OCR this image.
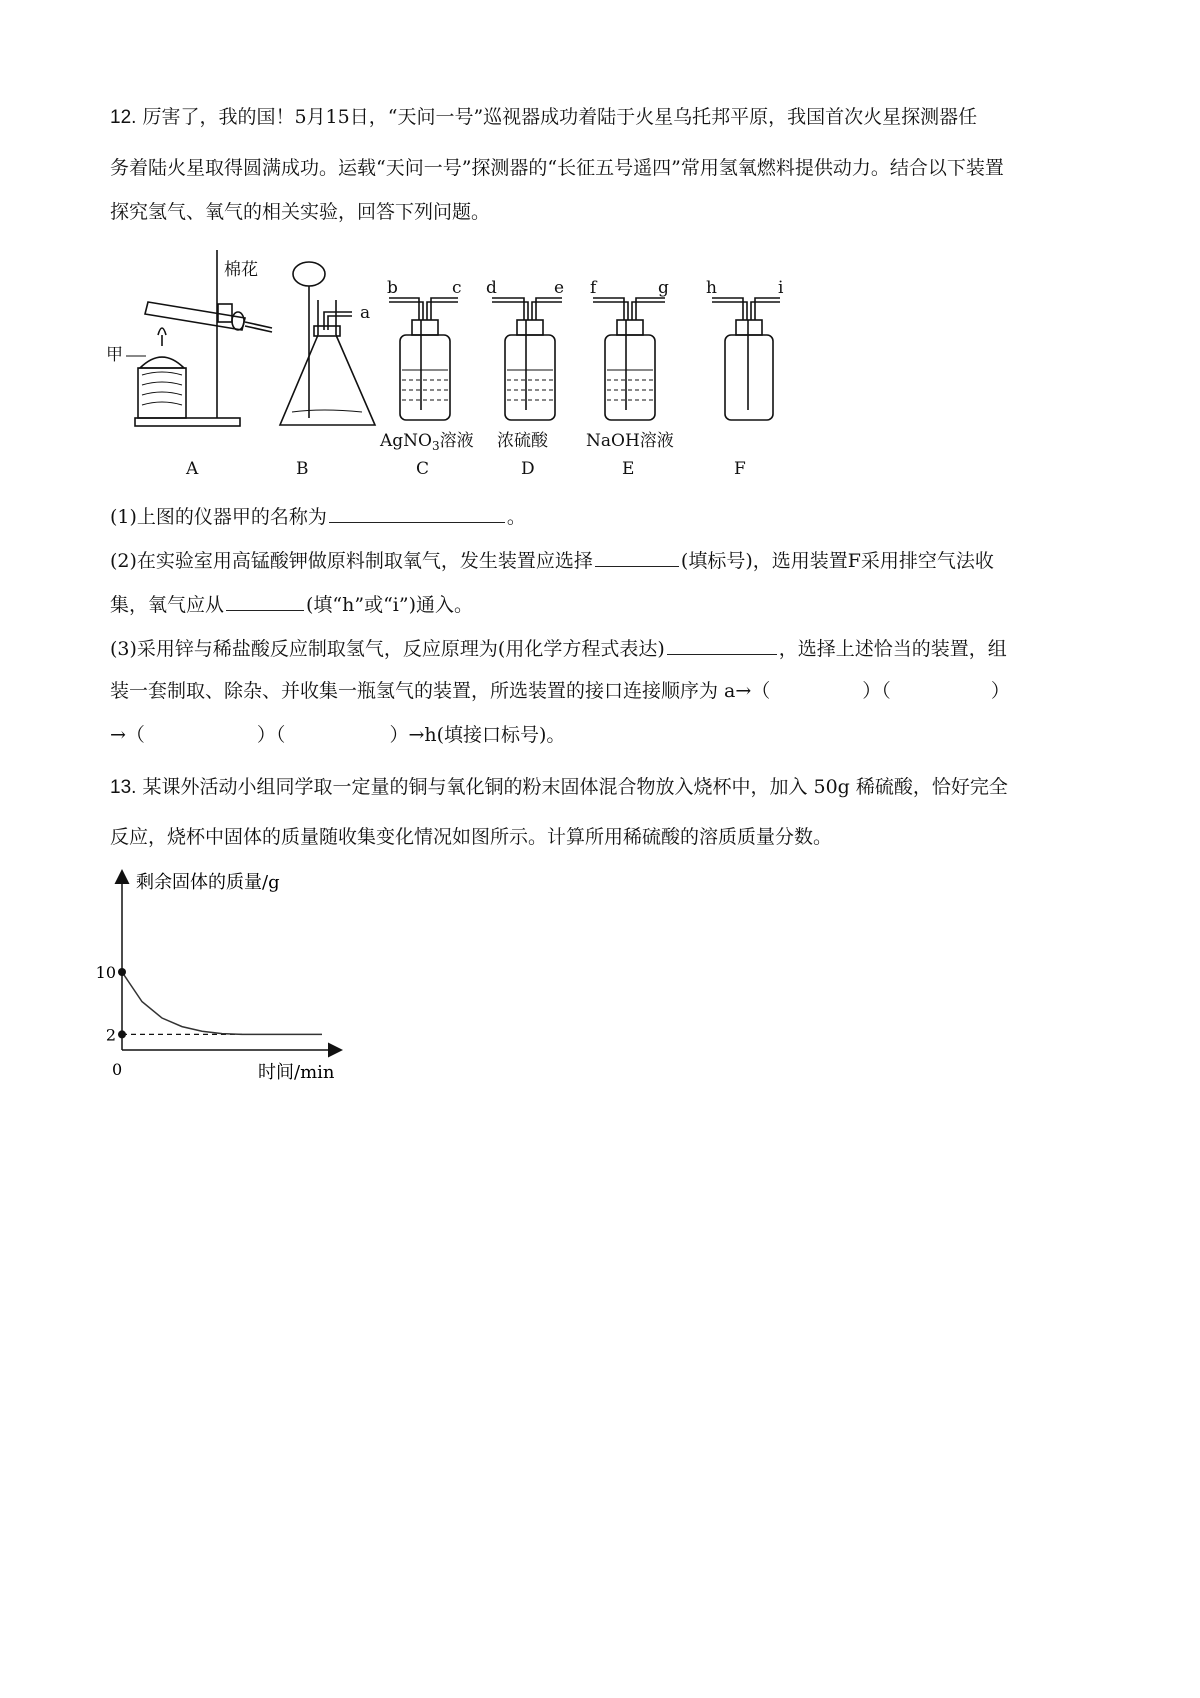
12. 厉害了，我的国！5月15日，“天问一号”巡视器成功着陆于火星乌托邦平原，我国首次火星探测器任
务着陆火星取得圆满成功。运载“天问一号”探测器的“长征五号遥四”常用氢氧燃料提供动力。结合以下装置
探究氢气、氧气的相关实验，回答下列问题。
棉花
甲
a
b	c d	e f	g h	i
AgNO$_3$溶液 浓硫酸 NaOH溶液
A	B	C	D	E	F
(1)上图的仪器甲的名称为	。
(2)在实验室用高锰酸钾做原料制取氧气，发生装置应选择	(填标号)，选用装置F采用排空气法收
集，氧气应从	(填“h”或“i”)通入。
(3)采用锌与稀盐酸反应制取氢气，反应原理为(用化学方程式表达)	，选择上述恰当的装置，组
装一套制取、除杂、并收集一瓶氢气的装置，所选装置的接口连接顺序为 a→（	）（	）
→（	）（	）→h(填接口标号)。
13. 某课外活动小组同学取一定量的铜与氧化铜的粉末固体混合物放入烧杯中，加入 50g 稀硫酸，恰好完全
反应，烧杯中固体的质量随收集变化情况如图所示。计算所用稀硫酸的溶质质量分数。
剩余固体的质量/g
时间/min
0
10
2
